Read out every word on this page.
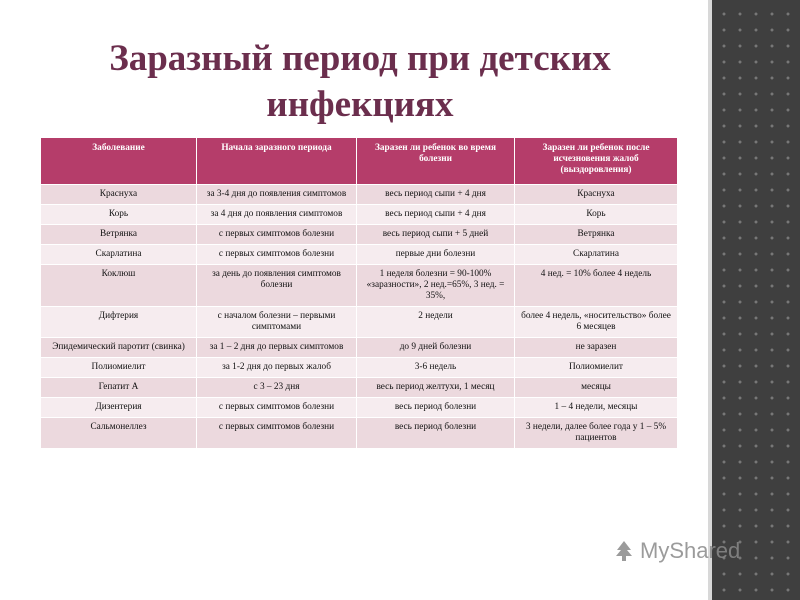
Заразный период при детских инфекциях
Заболевание	Начала заразного периода	Заразен ли ребенок во время болезни	Заразен ли ребенок после исчезновения жалоб (выздоровления)
Краснуха	за 3-4 дня до появления симптомов	весь период сыпи + 4 дня	Краснуха
Корь	за 4 дня до появления симптомов	весь период сыпи + 4 дня	Корь
Ветрянка	с первых симптомов болезни	весь период сыпи + 5 дней	Ветрянка
Скарлатина	с первых симптомов болезни	первые дни болезни	Скарлатина
Коклюш	за день до появления симптомов болезни	1 неделя болезни = 90-100% «заразности», 2 нед.=65%, 3 нед. = 35%,	4 нед. = 10% более 4 недель
Дифтерия	с началом болезни – первыми симптомами	2 недели	более 4 недель, «носительство» более 6 месяцев
Эпидемический паротит (свинка)	за 1 – 2 дня до первых симптомов	до 9 дней болезни	не заразен
Полиомиелит	за 1-2 дня до первых жалоб	3-6 недель	Полиомиелит
Гепатит А	с 3 – 23 дня	весь период желтухи, 1 месяц	месяцы
Дизентерия	с первых симптомов болезни	весь период болезни	1 – 4 недели, месяцы
Сальмонеллез	с первых симптомов болезни	весь период болезни	3 недели, далее более года у 1 – 5% пациентов
MyShared
